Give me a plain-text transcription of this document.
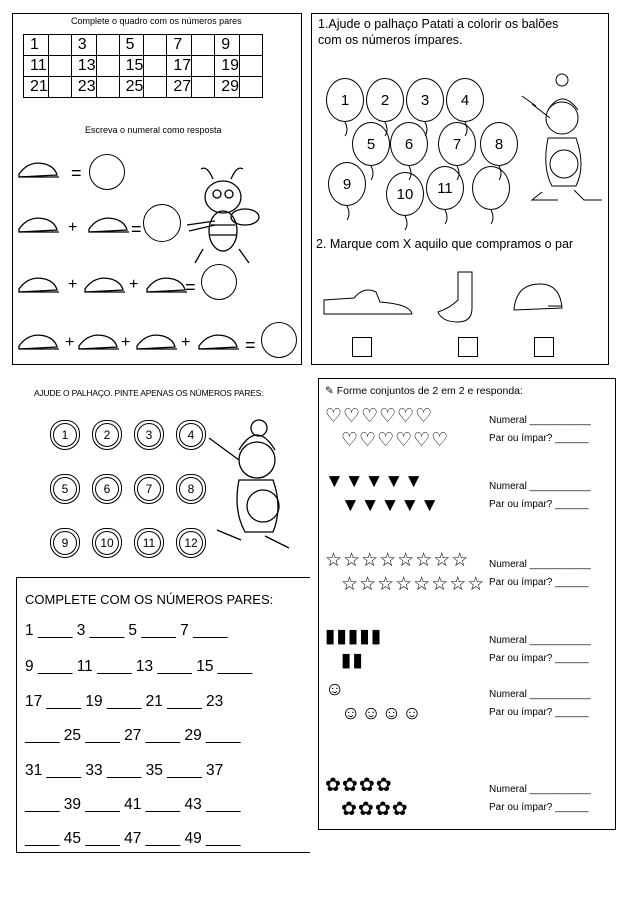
Complete o quadro com os números pares
1		3		5		7		9	
11		13		15		17		19	
21		23		25		27		29	
Escreva o numeral como resposta
=
+	=
+	+	=
+	+	+	=
1.Ajude o palhaço Patati a colorir os balões
com os números ímpares.
1	2	3	4
5	6	7	8
9
10	11
2. Marque com X aquilo que compramos o par
AJUDE O PALHAÇO. PINTE APENAS OS NÚMEROS PARES:
1	2	3	4
5	6	7	8
9	10	11	12
COMPLETE COM OS NÚMEROS PARES:
1 ____ 3 ____ 5 ____ 7 ____
9 ____ 11 ____ 13 ____ 15 ____
17 ____ 19 ____ 21 ____ 23
____ 25 ____ 27 ____ 29 ____
31 ____ 33 ____ 35 ____ 37
____ 39 ____ 41 ____ 43 ____
____ 45 ____ 47 ____ 49 ____
✎ Forme conjuntos de 2 em 2 e responda:
♡♡♡♡♡♡
♡♡♡♡♡♡
Numeral ___________
Par ou ímpar? ______
▼▼▼▼▼
▼▼▼▼▼
Numeral ___________
Par ou ímpar? ______
☆☆☆☆☆☆☆☆
☆☆☆☆☆☆☆☆
Numeral ___________
Par ou ímpar? ______
▮▮▮▮▮
▮▮
Numeral ___________
Par ou ímpar? ______
☺
☺☺☺☺
Numeral ___________
Par ou ímpar? ______
✿✿✿✿
✿✿✿✿
Numeral ___________
Par ou ímpar? ______
